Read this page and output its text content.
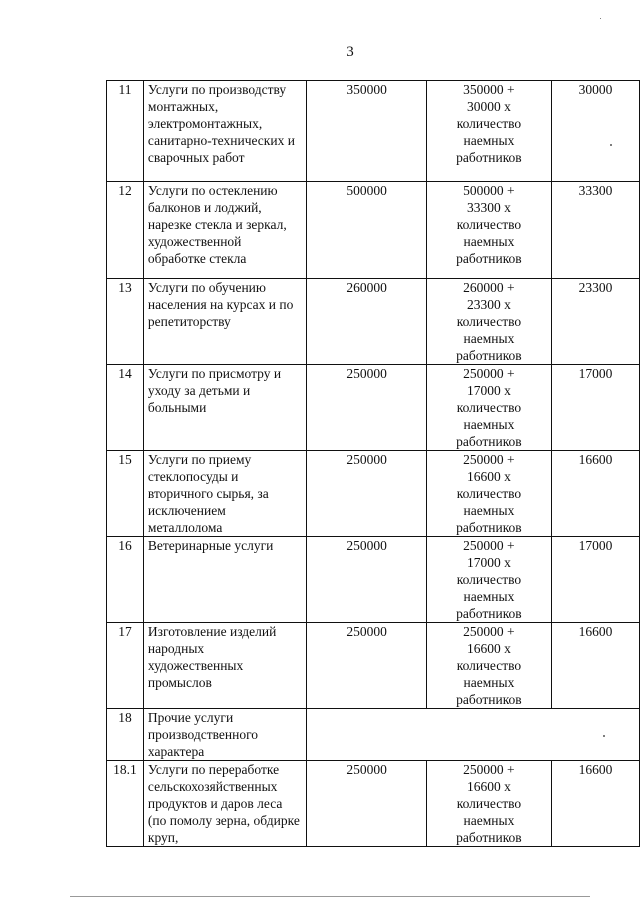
3
11	Услуги по производству монтажных, электромонтажных, санитарно-технических и сварочных работ	350000	350000 +
30000 х
количество
наемных
работников	30000
12	Услуги по остеклению балконов и лоджий, нарезке стекла и зеркал, художественной обработке стекла	500000	500000 +
33300 х
количество
наемных
работников	33300
13	Услуги по обучению населения на курсах и по репетиторству	260000	260000 +
23300 х
количество
наемных
работников	23300
14	Услуги по присмотру и уходу за детьми и больными	250000	250000 +
17000 х
количество
наемных
работников	17000
15	Услуги по приему стеклопосуды и вторичного сырья, за исключением металлолома	250000	250000 +
16600 х
количество
наемных
работников	16600
16	Ветеринарные услуги	250000	250000 +
17000 х
количество
наемных
работников	17000
17	Изготовление изделий народных художественных промыслов	250000	250000 +
16600 х
количество
наемных
работников	16600
18	Прочие услуги производственного характера			
18.1	Услуги по переработке сельскохозяйственных продуктов и даров леса (по помолу зерна, обдирке круп,	250000	250000 +
16600 х
количество
наемных
работников	16600
